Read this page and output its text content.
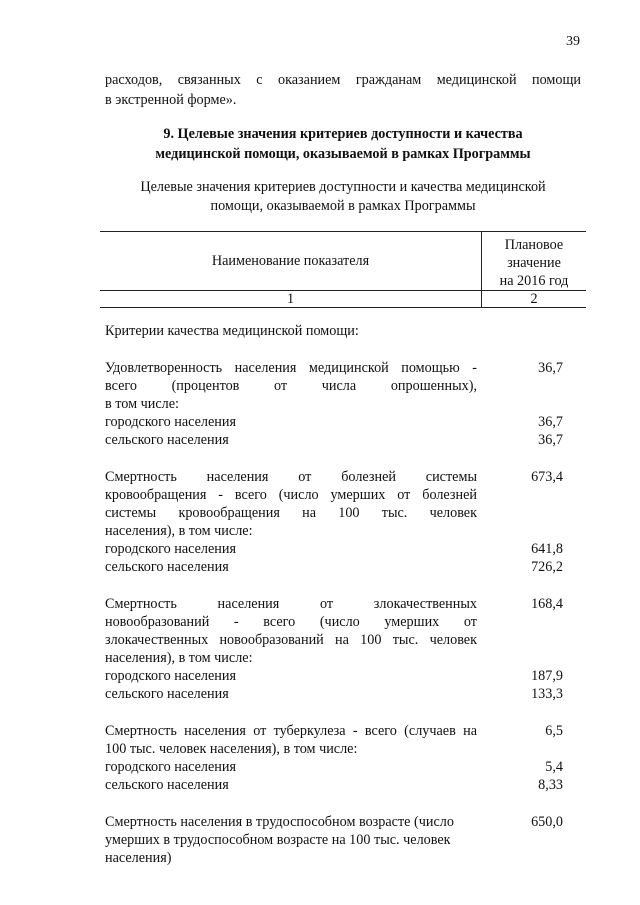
39
расходов, связанных с оказанием гражданам медицинской помощи
в экстренной форме».
9. Целевые значения критериев доступности и качества
медицинской помощи, оказываемой в рамках Программы
Целевые значения критериев доступности и качества медицинской
помощи, оказываемой в рамках Программы
Наименование показателя
Плановое
значение
на 2016 год
1	2
Критерии качества медицинской помощи:
Удовлетворенность населения медицинской помощью -
всего (процентов от числа опрошенных),
в том числе:
городского населения
сельского населения
36,7
36,7
36,7
Смертность населения от болезней системы
кровообращения - всего (число умерших от болезней
системы кровообращения на 100 тыс. человек
населения), в том числе:
городского населения
сельского населения
673,4
641,8
726,2
Смертность населения от злокачественных
новообразований - всего (число умерших от
злокачественных новообразований на 100 тыс. человек
населения), в том числе:
городского населения
сельского населения
168,4
187,9
133,3
Смертность населения от туберкулеза - всего (случаев на
100 тыс. человек населения), в том числе:
городского населения
сельского населения
6,5
5,4
8,33
Смертность населения в трудоспособном возрасте (число
умерших в трудоспособном возрасте на 100 тыс. человек
населения)
650,0
